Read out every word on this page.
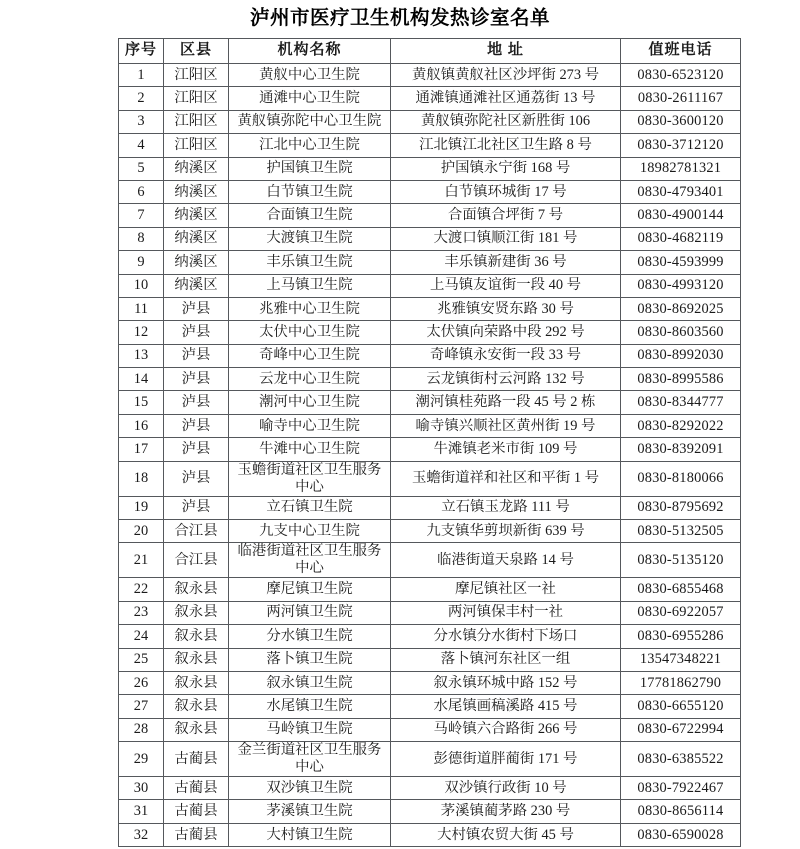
泸州市医疗卫生机构发热诊室名单
序号	区县	机构名称	地 址	值班电话
1	江阳区	黄舣中心卫生院	黄舣镇黄舣社区沙坪街 273 号	0830-6523120
2	江阳区	通滩中心卫生院	通滩镇通滩社区通荔街 13 号	0830-2611167
3	江阳区	黄舣镇弥陀中心卫生院	黄舣镇弥陀社区新胜街 106	0830-3600120
4	江阳区	江北中心卫生院	江北镇江北社区卫生路 8 号	0830-3712120
5	纳溪区	护国镇卫生院	护国镇永宁街 168 号	18982781321
6	纳溪区	白节镇卫生院	白节镇环城街 17 号	0830-4793401
7	纳溪区	合面镇卫生院	合面镇合坪街 7 号	0830-4900144
8	纳溪区	大渡镇卫生院	大渡口镇顺江街 181 号	0830-4682119
9	纳溪区	丰乐镇卫生院	丰乐镇新建街 36 号	0830-4593999
10	纳溪区	上马镇卫生院	上马镇友谊街一段 40 号	0830-4993120
11	泸县	兆雅中心卫生院	兆雅镇安贤东路 30 号	0830-8692025
12	泸县	太伏中心卫生院	太伏镇向荣路中段 292 号	0830-8603560
13	泸县	奇峰中心卫生院	奇峰镇永安街一段 33 号	0830-8992030
14	泸县	云龙中心卫生院	云龙镇街村云河路 132 号	0830-8995586
15	泸县	潮河中心卫生院	潮河镇桂苑路一段 45 号 2 栋	0830-8344777
16	泸县	喻寺中心卫生院	喻寺镇兴顺社区黄州街 19 号	0830-8292022
17	泸县	牛滩中心卫生院	牛滩镇老米市街 109 号	0830-8392091
18	泸县	玉蟾街道社区卫生服务中心	玉蟾街道祥和社区和平街 1 号	0830-8180066
19	泸县	立石镇卫生院	立石镇玉龙路 111 号	0830-8795692
20	合江县	九支中心卫生院	九支镇华剪坝新街 639 号	0830-5132505
21	合江县	临港街道社区卫生服务中心	临港街道天泉路 14 号	0830-5135120
22	叙永县	摩尼镇卫生院	摩尼镇社区一社	0830-6855468
23	叙永县	两河镇卫生院	两河镇保丰村一社	0830-6922057
24	叙永县	分水镇卫生院	分水镇分水街村下场口	0830-6955286
25	叙永县	落卜镇卫生院	落卜镇河东社区一组	13547348221
26	叙永县	叙永镇卫生院	叙永镇环城中路 152 号	17781862790
27	叙永县	水尾镇卫生院	水尾镇画稿溪路 415 号	0830-6655120
28	叙永县	马岭镇卫生院	马岭镇六合路街 266 号	0830-6722994
29	古蔺县	金兰街道社区卫生服务中心	彭德街道胖蔺街 171 号	0830-6385522
30	古蔺县	双沙镇卫生院	双沙镇行政街 10 号	0830-7922467
31	古蔺县	茅溪镇卫生院	茅溪镇蔺茅路 230 号	0830-8656114
32	古蔺县	大村镇卫生院	大村镇农贸大街 45 号	0830-6590028
